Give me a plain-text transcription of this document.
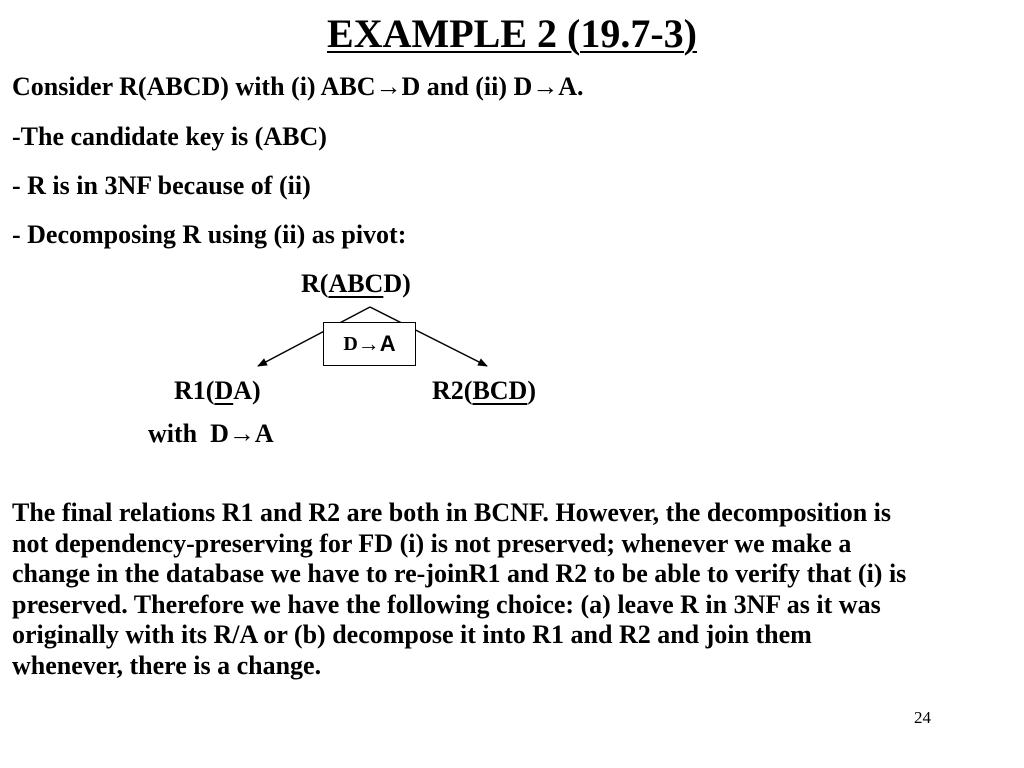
EXAMPLE 2 (19.7-3)
Consider R(ABCD) with (i) ABC→D and (ii) D→A.
-The candidate key is (ABC)
- R is in 3NF because of (ii)
- Decomposing R using (ii) as pivot:
R(ABCD)
D → A
R1(DA)
with  D→A
R2(BCD)
The final relations R1 and R2 are both in BCNF. However, the decomposition is not dependency-preserving for FD (i) is not preserved; whenever we make a change in the database we have to re-joinR1 and R2 to be able to verify that (i) is preserved. Therefore we have the following choice: (a) leave R in 3NF as it was originally with its R/A or (b) decompose it into R1 and R2 and join them whenever, there is a change.
24
